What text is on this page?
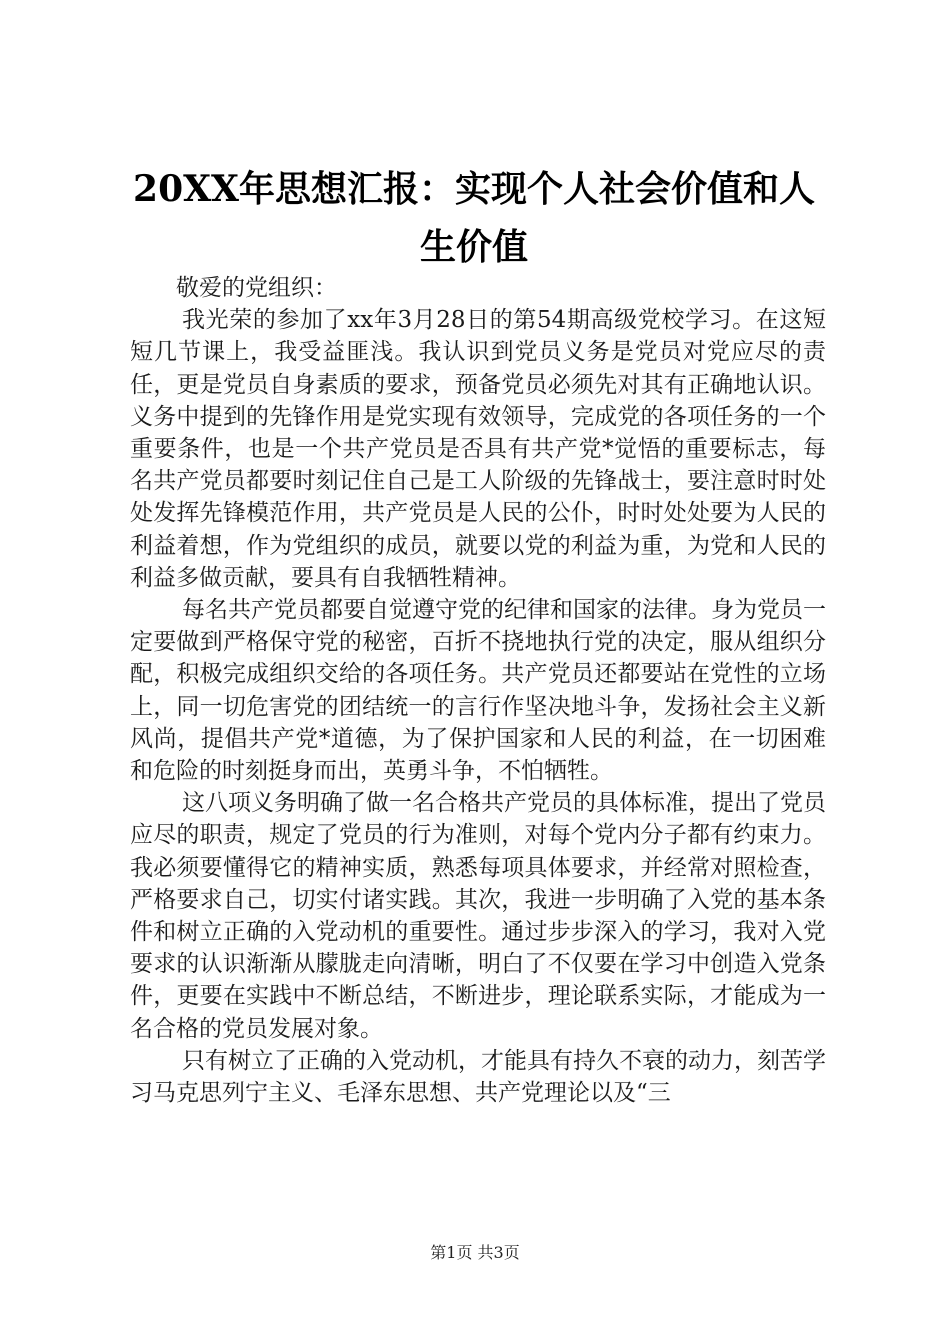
20XX年思想汇报：实现个人社会价值和人生价值

敬爱的党组织：

我光荣的参加了xx年3月28日的第54期高级党校学习。在这短短几节课上，我受益匪浅。我认识到党员义务是党员对党应尽的责任，更是党员自身素质的要求，预备党员必须先对其有正确地认识。义务中提到的先锋作用是党实现有效领导，完成党的各项任务的一个重要条件，也是一个共产党员是否具有共产党*觉悟的重要标志，每名共产党员都要时刻记住自己是工人阶级的先锋战士，要注意时时处处发挥先锋模范作用，共产党员是人民的公仆，时时处处要为人民的利益着想，作为党组织的成员，就要以党的利益为重，为党和人民的利益多做贡献，要具有自我牺牲精神。

每名共产党员都要自觉遵守党的纪律和国家的法律。身为党员一定要做到严格保守党的秘密，百折不挠地执行党的决定，服从组织分配，积极完成组织交给的各项任务。共产党员还都要站在党性的立场上，同一切危害党的团结统一的言行作坚决地斗争，发扬社会主义新风尚，提倡共产党*道德，为了保护国家和人民的利益，在一切困难和危险的时刻挺身而出，英勇斗争，不怕牺牲。

这八项义务明确了做一名合格共产党员的具体标准，提出了党员应尽的职责，规定了党员的行为准则，对每个党内分子都有约束力。我必须要懂得它的精神实质，熟悉每项具体要求，并经常对照检查，严格要求自己，切实付诸实践。其次，我进一步明确了入党的基本条件和树立正确的入党动机的重要性。通过步步深入的学习，我对入党要求的认识渐渐从朦胧走向清晰，明白了不仅要在学习中创造入党条件，更要在实践中不断总结，不断进步，理论联系实际，才能成为一名合格的党员发展对象。

只有树立了正确的入党动机，才能具有持久不衰的动力，刻苦学习马克思列宁主义、毛泽东思想、共产党理论以及“三

第1页 共3页
